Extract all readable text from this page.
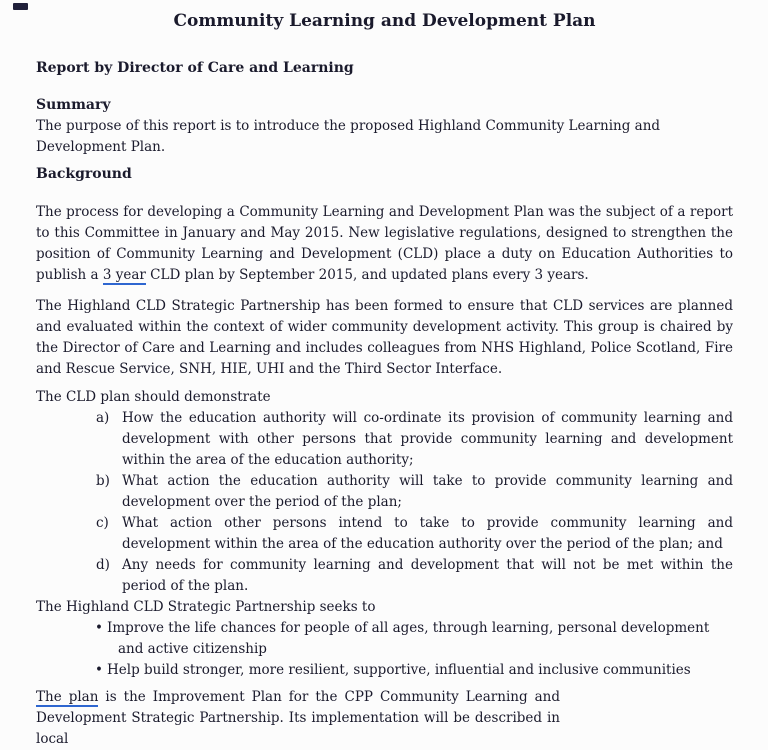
Community Learning and Development Plan

Report by Director of Care and Learning

Summary

The purpose of this report is to introduce the proposed Highland Community Learning and Development Plan.

Background

The process for developing a Community Learning and Development Plan was the subject of a report to this Committee in January and May 2015. New legislative regulations, designed to strengthen the position of Community Learning and Development (CLD) place a duty on Education Authorities to publish a 3 year CLD plan by September 2015, and updated plans every 3 years.

The Highland CLD Strategic Partnership has been formed to ensure that CLD services are planned and evaluated within the context of wider community development activity. This group is chaired by the Director of Care and Learning and includes colleagues from NHS Highland, Police Scotland, Fire and Rescue Service, SNH, HIE, UHI and the Third Sector Interface.

The CLD plan should demonstrate

a) How the education authority will co-ordinate its provision of community learning and development with other persons that provide community learning and development within the area of the education authority;
b) What action the education authority will take to provide community learning and development over the period of the plan;
c) What action other persons intend to take to provide community learning and development within the area of the education authority over the period of the plan; and
d) Any needs for community learning and development that will not be met within the period of the plan.

The Highland CLD Strategic Partnership seeks to

• Improve the life chances for people of all ages, through learning, personal development and active citizenship
• Help build stronger, more resilient, supportive, influential and inclusive communities

The plan is the Improvement Plan for the CPP Community Learning and Development Strategic Partnership. Its implementation will be described in local
